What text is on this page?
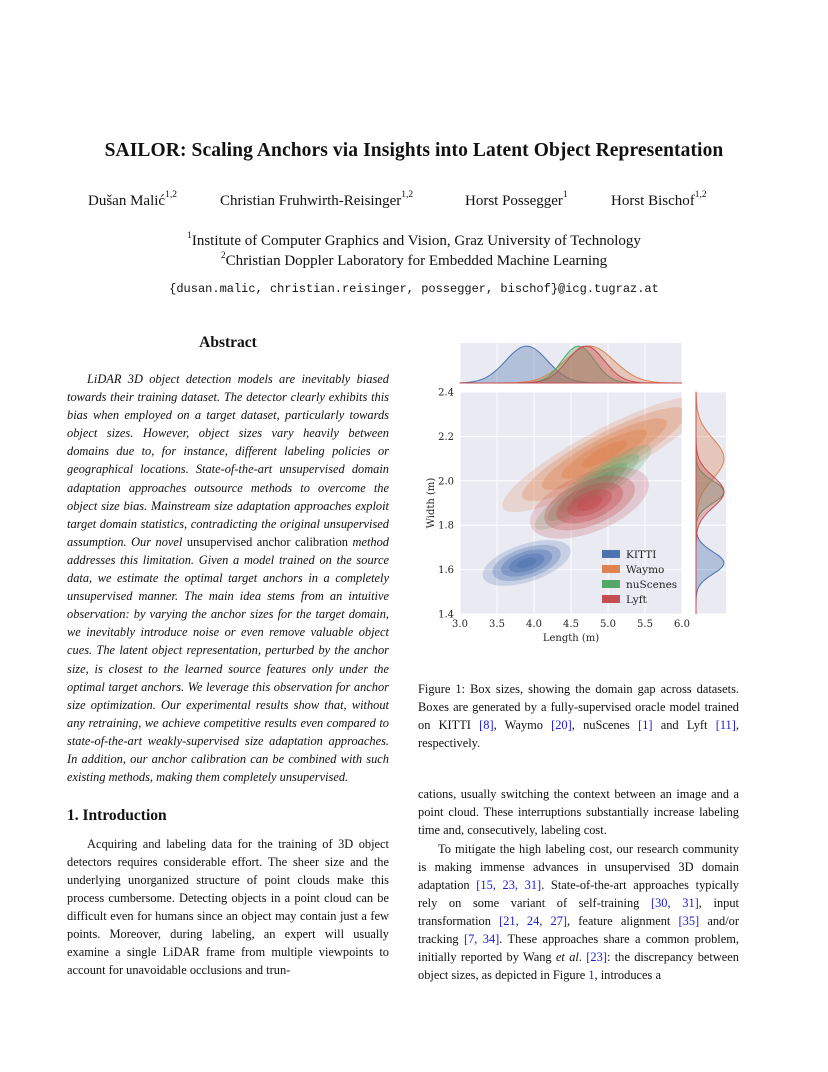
SAILOR: Scaling Anchors via Insights into Latent Object Representation
Dušan Malić$^{1,2}$	Christian Fruhwirth-Reisinger$^{1,2}$	Horst Possegger$^1$	Horst Bischof$^{1,2}$
$^1$Institute of Computer Graphics and Vision, Graz University of Technology
$^2$Christian Doppler Laboratory for Embedded Machine Learning
{dusan.malic, christian.reisinger, possegger, bischof}@icg.tugraz.at
Abstract
LiDAR 3D object detection models are inevitably biased towards their training dataset. The detector clearly exhibits this bias when employed on a target dataset, particularly towards object sizes. However, object sizes vary heavily between domains due to, for instance, different labeling policies or geographical locations. State-of-the-art unsupervised domain adaptation approaches outsource methods to overcome the object size bias. Mainstream size adaptation approaches exploit target domain statistics, contradicting the original unsupervised assumption. Our novel unsupervised anchor calibration method addresses this limitation. Given a model trained on the source data, we estimate the optimal target anchors in a completely unsupervised manner. The main idea stems from an intuitive observation: by varying the anchor sizes for the target domain, we inevitably introduce noise or even remove valuable object cues. The latent object representation, perturbed by the anchor size, is closest to the learned source features only under the optimal target anchors. We leverage this observation for anchor size optimization. Our experimental results show that, without any retraining, we achieve competitive results even compared to state-of-the-art weakly-supervised size adaptation approaches. In addition, our anchor calibration can be combined with such existing methods, making them completely unsupervised.
1. Introduction
Acquiring and labeling data for the training of 3D object detectors requires considerable effort. The sheer size and the underlying unorganized structure of point clouds make this process cumbersome. Detecting objects in a point cloud can be difficult even for humans since an object may contain just a few points. Moreover, during labeling, an expert will usually examine a single LiDAR frame from multiple viewpoints to account for unavoidable occlusions and trun-
3.0 3.5 4.0 4.5 5.0 5.5 6.0
1.4
1.6
1.8
2.0
2.2
2.4
Length (m)
Width (m)
KITTI
Waymo
nuScenes
Lyft
Figure 1: Box sizes, showing the domain gap across datasets. Boxes are generated by a fully-supervised oracle model trained on KITTI [8], Waymo [20], nuScenes [1] and Lyft [11], respectively.
cations, usually switching the context between an image and a point cloud. These interruptions substantially increase labeling time and, consecutively, labeling cost.
To mitigate the high labeling cost, our research community is making immense advances in unsupervised 3D domain adaptation [15, 23, 31]. State-of-the-art approaches typically rely on some variant of self-training [30, 31], input transformation [21, 24, 27], feature alignment [35] and/or tracking [7, 34]. These approaches share a common problem, initially reported by Wang et al. [23]: the discrepancy between object sizes, as depicted in Figure 1, introduces a
